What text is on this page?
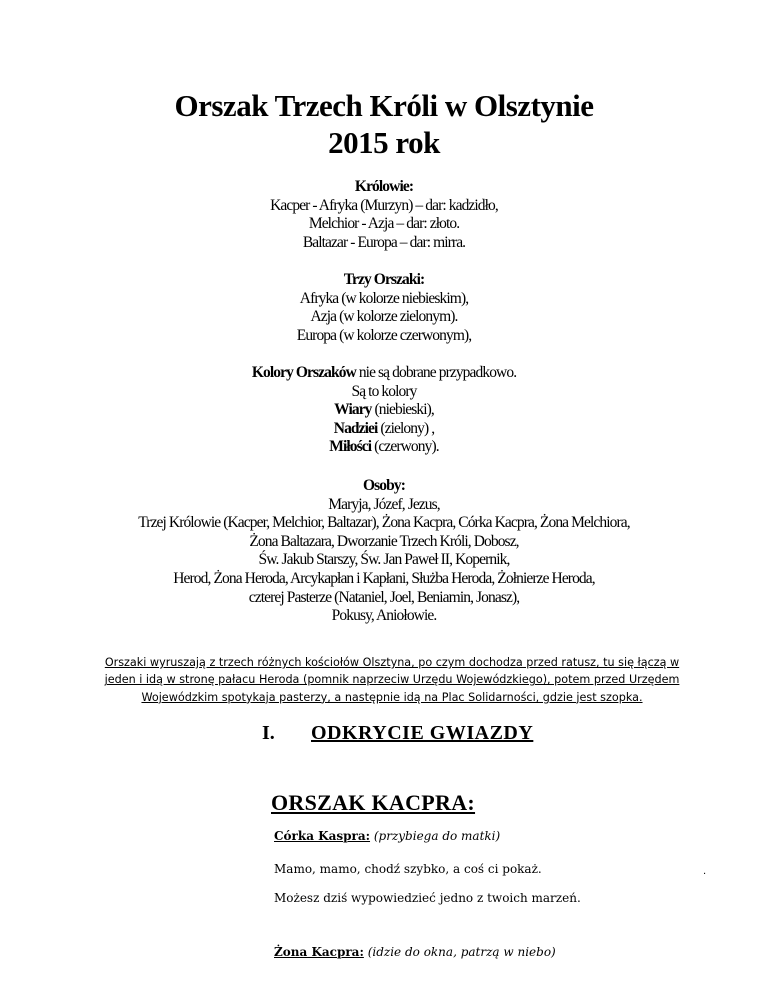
Orszak Trzech Króli w Olsztynie
2015 rok
Królowie:
Kacper - Afryka (Murzyn) – dar: kadzidło,
Melchior - Azja – dar: złoto.
Baltazar - Europa – dar: mirra.
Trzy Orszaki:
Afryka (w kolorze niebieskim),
Azja (w kolorze zielonym).
Europa (w kolorze czerwonym),
Kolory Orszaków nie są dobrane przypadkowo.
Są to kolory
Wiary (niebieski),
Nadziei (zielony) ,
Miłości (czerwony).
Osoby:
Maryja, Józef, Jezus,
Trzej Królowie (Kacper, Melchior, Baltazar), Żona Kacpra, Córka Kacpra, Żona Melchiora,
Żona Baltazara, Dworzanie Trzech Króli, Dobosz,
Św. Jakub Starszy, Św. Jan Paweł II, Kopernik,
Herod, Żona Heroda, Arcykapłan i Kapłani, Służba Heroda, Żołnierze Heroda,
czterej Pasterze (Nataniel, Joel, Beniamin, Jonasz),
Pokusy, Aniołowie.
Orszaki wyruszają z trzech różnych kościołów Olsztyna, po czym dochodza przed ratusz, tu się łączą w
jeden i idą w stronę pałacu Heroda (pomnik naprzeciw Urzędu Wojewódzkiego), potem przed Urzędem
Wojewódzkim spotykaja pasterzy, a następnie idą na Plac Solidarności, gdzie jest szopka.
I. ODKRYCIE GWIAZDY
ORSZAK KACPRA:
Córka Kaspra: (przybiega do matki)
Mamo, mamo, chodź szybko, a coś ci pokaż.
Możesz dziś wypowiedzieć jedno z twoich marzeń.
Żona Kacpra: (idzie do okna, patrzą w niebo)
.
